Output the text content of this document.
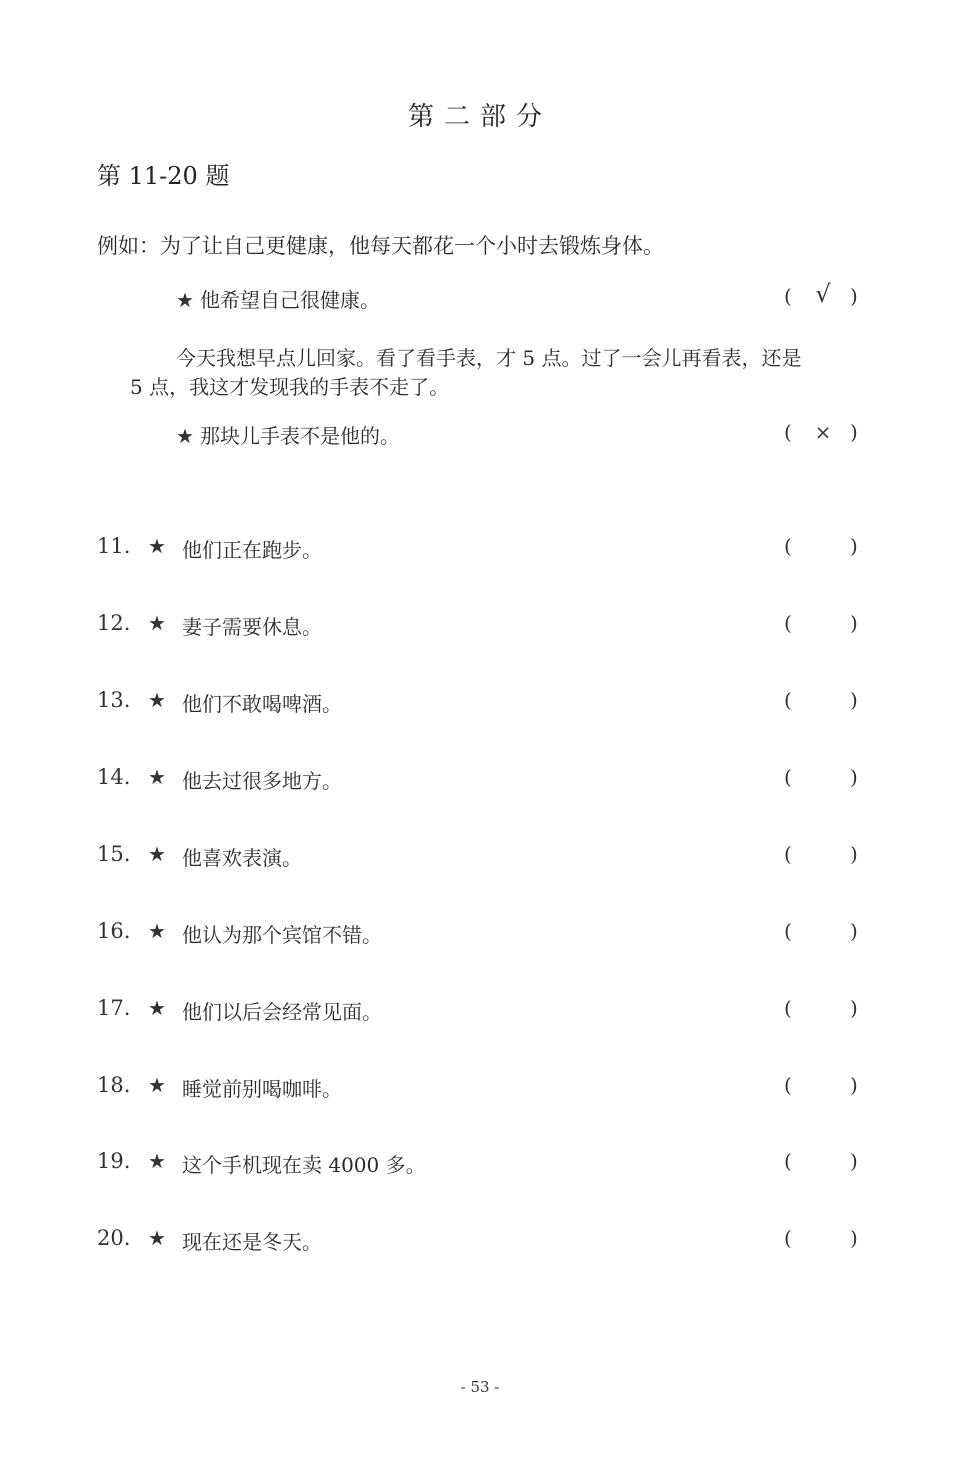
第二部分
第 11-20 题
例如：为了让自己更健康，他每天都花一个小时去锻炼身体。
★ 他希望自己很健康。	( √ )
今天我想早点儿回家。看了看手表，才 5 点。过了一会儿再看表，还是
5 点，我这才发现我的手表不走了。
★ 那块儿手表不是他的。	( × )
11. ★ 他们正在跑步。	(	)
12. ★ 妻子需要休息。	(	)
13. ★ 他们不敢喝啤酒。	(	)
14. ★ 他去过很多地方。	(	)
15. ★ 他喜欢表演。	(	)
16. ★ 他认为那个宾馆不错。	(	)
17. ★ 他们以后会经常见面。	(	)
18. ★ 睡觉前别喝咖啡。	(	)
19. ★ 这个手机现在卖 4000 多。	(	)
20. ★ 现在还是冬天。	(	)
- 53 -
